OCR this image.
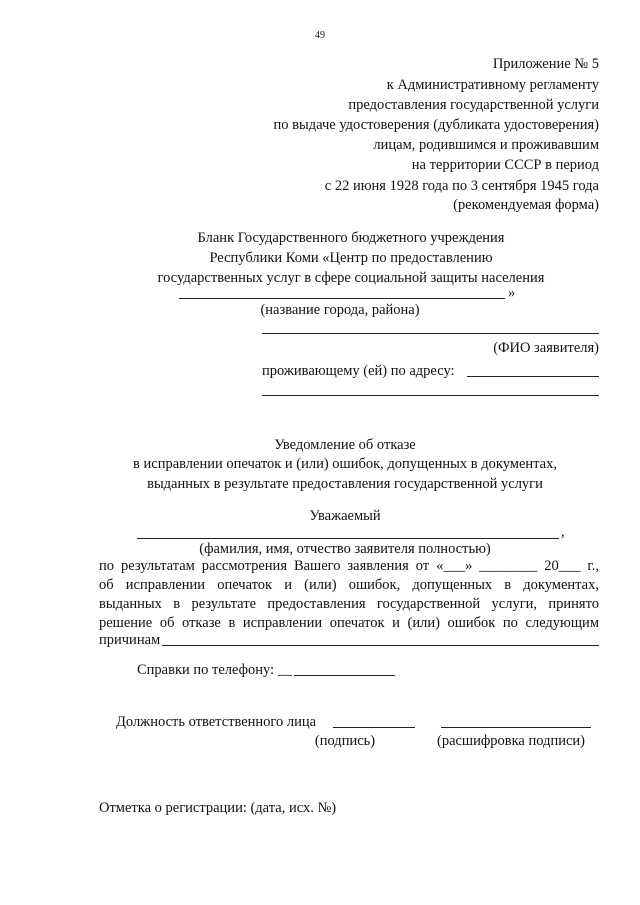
49
Приложение № 5
к Административному регламенту
предоставления государственной услуги
по выдаче удостоверения (дубликата удостоверения)
лицам, родившимся и проживавшим
на территории СССР в период
с 22 июня 1928 года по 3 сентября 1945 года
(рекомендуемая форма)
Бланк Государственного бюджетного учреждения
Республики Коми «Центр по предоставлению
государственных услуг в сфере социальной защиты населения
»
(название города, района)
(ФИО заявителя)
проживающему (ей) по адресу:
Уведомление об отказе
в исправлении опечаток и (или) ошибок, допущенных в документах,
выданных в результате предоставления государственной услуги
Уважаемый
,
(фамилия, имя, отчество заявителя полностью)
по результатам рассмотрения Вашего заявления от «___» ________ 20___ г.,
об исправлении опечаток и (или) ошибок, допущенных в документах,
выданных в результате предоставления государственной услуги, принято
решение об отказе в исправлении опечаток и (или) ошибок по следующим
причинам
Справки по телефону: __
Должность ответственного лица
(подпись)	(расшифровка подписи)
Отметка о регистрации: (дата, исх. №)
